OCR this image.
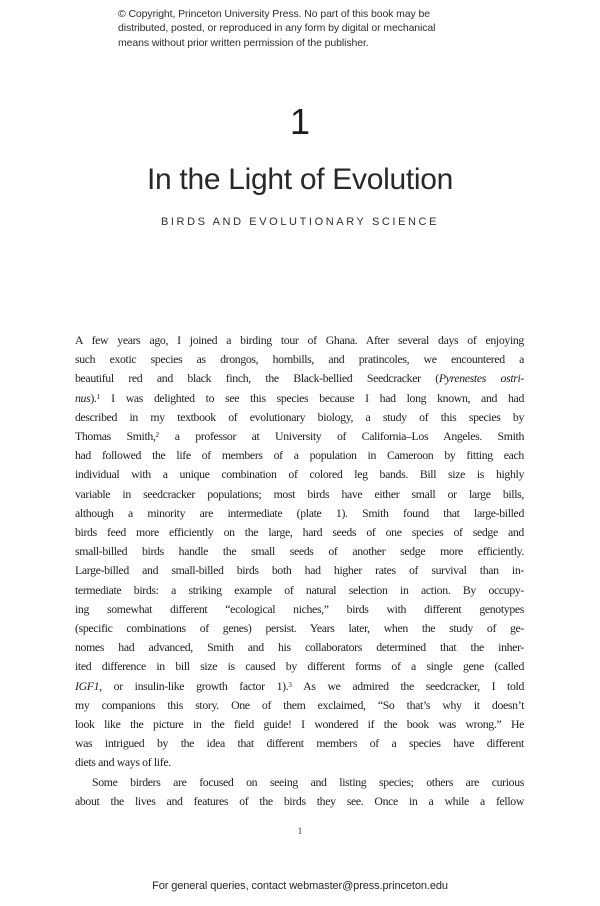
© Copyright, Princeton University Press. No part of this book may be
distributed, posted, or reproduced in any form by digital or mechanical
means without prior written permission of the publisher.
1
In the Light of Evolution
BIRDS AND EVOLUTIONARY SCIENCE
A few years ago, I joined a birding tour of Ghana. After several days of enjoying
such exotic species as drongos, hornbills, and pratincoles, we encountered a
beautiful red and black finch, the Black-bellied Seedcracker (Pyrenestes ostri-
nus).$^1$ I was delighted to see this species because I had long known, and had
described in my textbook of evolutionary biology, a study of this species by
Thomas Smith,$^2$ a professor at University of California–Los Angeles. Smith
had followed the life of members of a population in Cameroon by fitting each
individual with a unique combination of colored leg bands. Bill size is highly
variable in seedcracker populations; most birds have either small or large bills,
although a minority are intermediate (plate 1). Smith found that large-billed
birds feed more efficiently on the large, hard seeds of one species of sedge and
small-billed birds handle the small seeds of another sedge more efficiently.
Large-billed and small-billed birds both had higher rates of survival than in-
termediate birds: a striking example of natural selection in action. By occupy-
ing somewhat different “ecological niches,” birds with different genotypes
(specific combinations of genes) persist. Years later, when the study of ge-
nomes had advanced, Smith and his collaborators determined that the inher-
ited difference in bill size is caused by different forms of a single gene (called
IGF1, or insulin-like growth factor 1).$^3$ As we admired the seedcracker, I told
my companions this story. One of them exclaimed, “So that’s why it doesn’t
look like the picture in the field guide! I wondered if the book was wrong.” He
was intrigued by the idea that different members of a species have different
diets and ways of life.
Some birders are focused on seeing and listing species; others are curious
about the lives and features of the birds they see. Once in a while a fellow
1
For general queries, contact webmaster@press.princeton.edu
